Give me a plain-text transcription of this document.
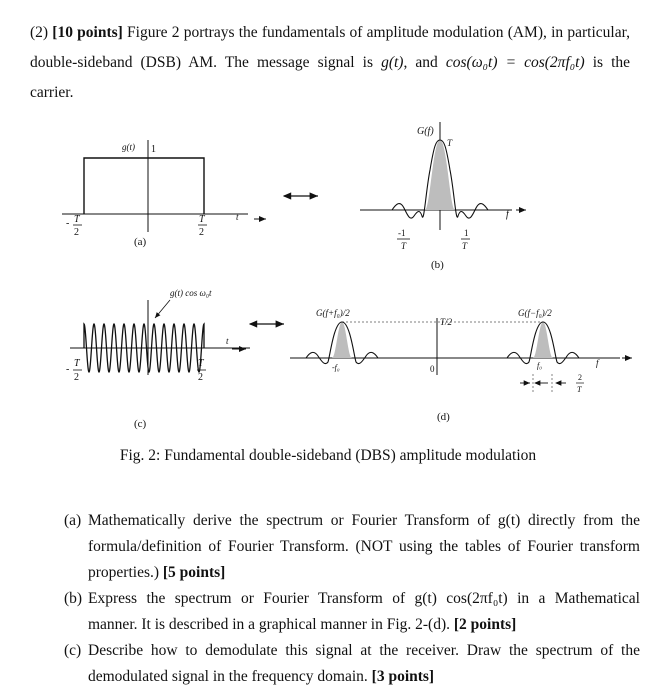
(2) [10 points] Figure 2 portrays the fundamentals of amplitude modulation (AM), in particular,
double-sideband (DSB) AM. The message signal is g(t), and cos(ω₀t) = cos(2πf₀t) is the
carrier.
g(t) 1
- T
2
T
2
t
(a)
G(f)
T
-1
T
1
T
f
(b)
g(t) cos ω₀t
-
T
2
T
2
t
(c)
G(f+f₀)/2	G(f−f₀)/2
T/2
-f₀	f₀
0
2
T
f
(d)
Fig. 2: Fundamental double-sideband (DBS) amplitude modulation
(a) Mathematically derive the spectrum or Fourier Transform of g(t) directly from the
formula/definition of Fourier Transform. (NOT using the tables of Fourier transform
properties.) [5 points]
(b) Express the spectrum or Fourier Transform of g(t) cos(2πf₀t) in a Mathematical
manner. It is described in a graphical manner in Fig. 2-(d). [2 points]
(c) Describe how to demodulate this signal at the receiver. Draw the spectrum of the
demodulated signal in the frequency domain. [3 points]
